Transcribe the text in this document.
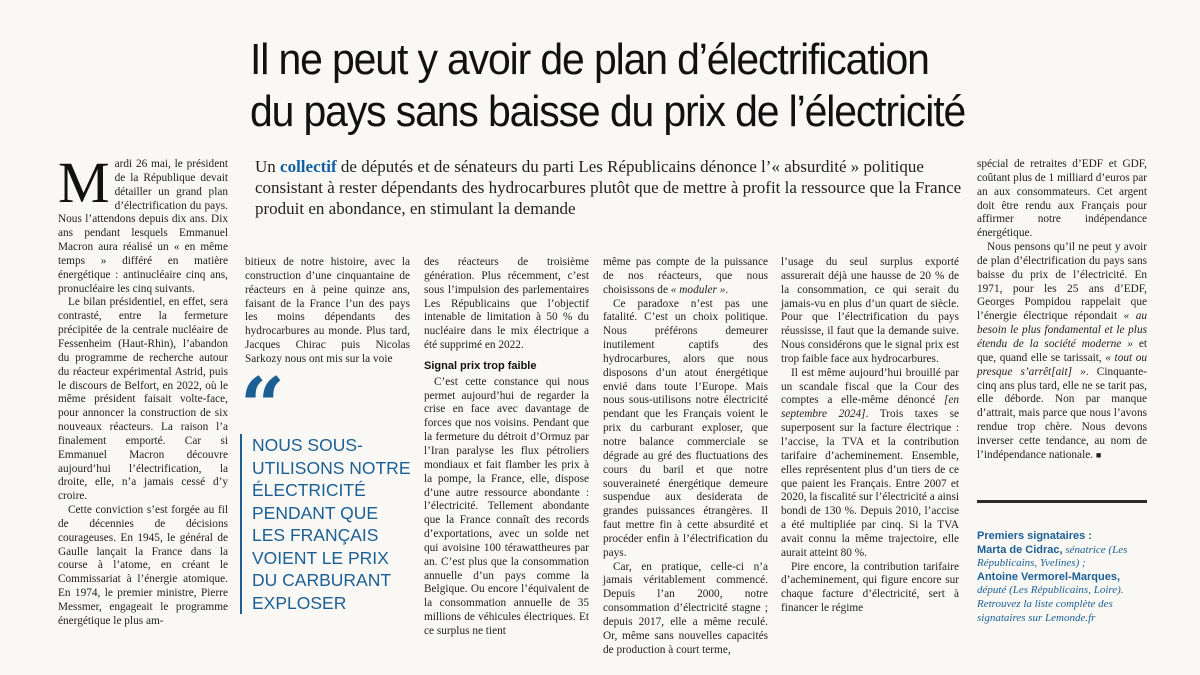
Il ne peut y avoir de plan d’électrification
du pays sans baisse du prix de l’électricité

Un collectif de députés et de sénateurs du parti Les Républicains dénonce l’« absurdité » politique consistant à rester dépendants des hydrocarbures plutôt que de mettre à profit la ressource que la France produit en abondance, en stimulant la demande

Mardi 26 mai, le président de la République devait détailler un grand plan d’électrification du pays. Nous l’attendons depuis dix ans. Dix ans pendant lesquels Emmanuel Macron aura réalisé un « en même temps » différé en matière énergétique : antinucléaire cinq ans, pronucléaire les cinq suivants.

Le bilan présidentiel, en effet, sera contrasté, entre la fermeture précipitée de la centrale nucléaire de Fessenheim (Haut-Rhin), l’abandon du programme de recherche autour du réacteur expérimental Astrid, puis le discours de Belfort, en 2022, où le même président faisait volte-face, pour annoncer la construction de six nouveaux réacteurs. La raison l’a finalement emporté. Car si Emmanuel Macron découvre aujourd’hui l’électrification, la droite, elle, n’a jamais cessé d’y croire.

Cette conviction s’est forgée au fil de décennies de décisions courageuses. En 1945, le général de Gaulle lançait la France dans la course à l’atome, en créant le Commissariat à l’énergie atomique. En 1974, le premier ministre, Pierre Messmer, engageait le programme énergétique le plus am-

bitieux de notre histoire, avec la construction d’une cinquantaine de réacteurs en à peine quinze ans, faisant de la France l’un des pays les moins dépendants des hydrocarbures au monde. Plus tard, Jacques Chirac puis Nicolas Sarkozy nous ont mis sur la voie

“
NOUS SOUS-UTILISONS NOTRE ÉLECTRICITÉ PENDANT QUE LES FRANÇAIS VOIENT LE PRIX DU CARBURANT EXPLOSER

des réacteurs de troisième génération. Plus récemment, c’est sous l’impulsion des parlementaires Les Républicains que l’objectif intenable de limitation à 50 % du nucléaire dans le mix électrique a été supprimé en 2022.

Signal prix trop faible

C’est cette constance qui nous permet aujourd’hui de regarder la crise en face avec davantage de forces que nos voisins. Pendant que la fermeture du détroit d’Ormuz par l’Iran paralyse les flux pétroliers mondiaux et fait flamber les prix à la pompe, la France, elle, dispose d’une autre ressource abondante : l’électricité. Tellement abondante que la France connaît des records d’exportations, avec un solde net qui avoisine 100 térawattheures par an. C’est plus que la consommation annuelle d’un pays comme la Belgique. Ou encore l’équivalent de la consommation annuelle de 35 millions de véhicules électriques. Et ce surplus ne tient

même pas compte de la puissance de nos réacteurs, que nous choisissons de « moduler ».

Ce paradoxe n’est pas une fatalité. C’est un choix politique. Nous préférons demeurer inutilement captifs des hydrocarbures, alors que nous disposons d’un atout énergétique envié dans toute l’Europe. Mais nous sous-utilisons notre électricité pendant que les Français voient le prix du carburant exploser, que notre balance commerciale se dégrade au gré des fluctuations des cours du baril et que notre souveraineté énergétique demeure suspendue aux desiderata de grandes puissances étrangères. Il faut mettre fin à cette absurdité et procéder enfin à l’électrification du pays.

Car, en pratique, celle-ci n’a jamais véritablement commencé. Depuis l’an 2000, notre consommation d’électricité stagne ; depuis 2017, elle a même reculé. Or, même sans nouvelles capacités de production à court terme,

l’usage du seul surplus exporté assurerait déjà une hausse de 20 % de la consommation, ce qui serait du jamais-vu en plus d’un quart de siècle. Pour que l’électrification du pays réussisse, il faut que la demande suive. Nous considérons que le signal prix est trop faible face aux hydrocarbures.

Il est même aujourd’hui brouillé par un scandale fiscal que la Cour des comptes a elle-même dénoncé [en septembre 2024]. Trois taxes se superposent sur la facture électrique : l’accise, la TVA et la contribution tarifaire d’acheminement. Ensemble, elles représentent plus d’un tiers de ce que paient les Français. Entre 2007 et 2020, la fiscalité sur l’électricité a ainsi bondi de 130 %. Depuis 2010, l’accise a été multipliée par cinq. Si la TVA avait connu la même trajectoire, elle aurait atteint 80 %.

Pire encore, la contribution tarifaire d’acheminement, qui figure encore sur chaque facture d’électricité, sert à financer le régime

spécial de retraites d’EDF et GDF, coûtant plus de 1 milliard d’euros par an aux consommateurs. Cet argent doit être rendu aux Français pour affirmer notre indépendance énergétique.

Nous pensons qu’il ne peut y avoir de plan d’électrification du pays sans baisse du prix de l’électricité. En 1971, pour les 25 ans d’EDF, Georges Pompidou rappelait que l’énergie électrique répondait « au besoin le plus fondamental et le plus étendu de la société moderne » et que, quand elle se tarissait, « tout ou presque s’arrêt[ait] ». Cinquante-cinq ans plus tard, elle ne se tarit pas, elle déborde. Non par manque d’attrait, mais parce que nous l’avons rendue trop chère. Nous devons inverser cette tendance, au nom de l’indépendance nationale. ■

Premiers signataires :

Marta de Cidrac, sénatrice (Les Républicains, Yvelines) ;
Antoine Vermorel-Marques, député (Les Républicains, Loire). Retrouvez la liste complète des signataires sur Lemonde.fr
